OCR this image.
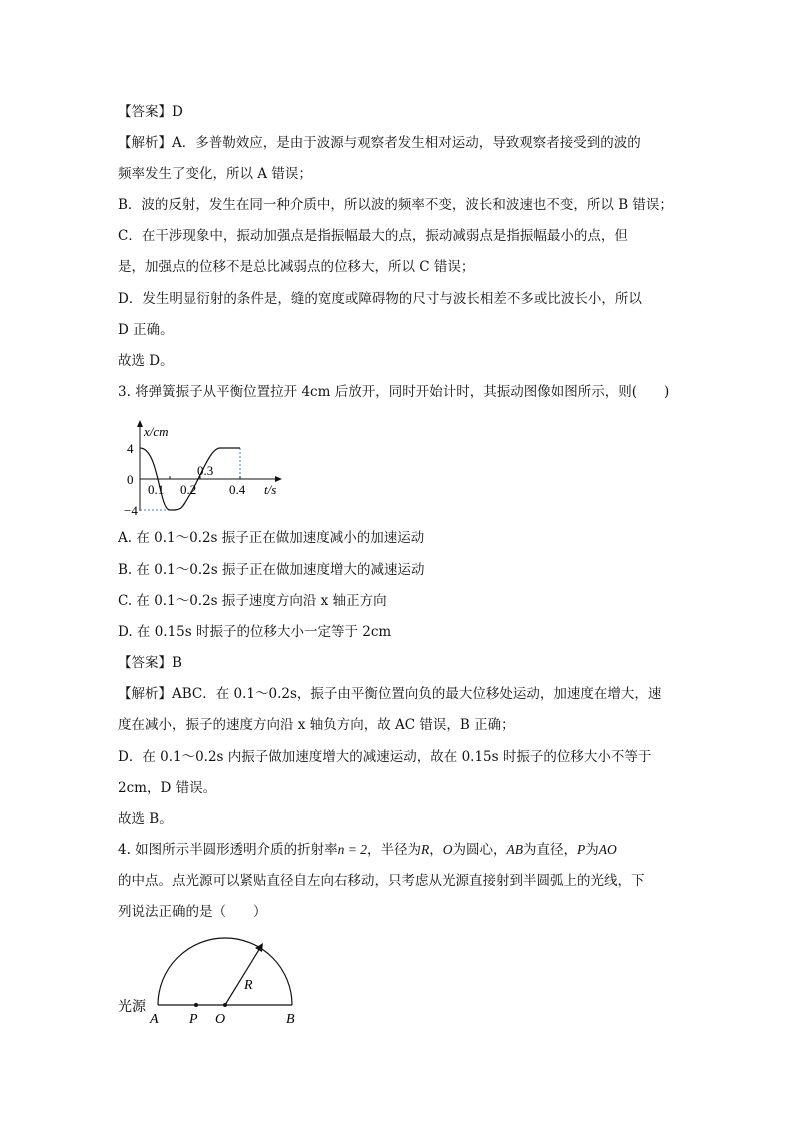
【答案】D
【解析】A．多普勒效应，是由于波源与观察者发生相对运动，导致观察者接受到的波的
频率发生了变化，所以 A 错误；
B．波的反射，发生在同一种介质中，所以波的频率不变，波长和波速也不变，所以 B 错误；
C．在干涉现象中，振动加强点是指振幅最大的点，振动减弱点是指振幅最小的点，但
是，加强点的位移不是总比减弱点的位移大，所以 C 错误；
D．发生明显衍射的条件是，缝的宽度或障碍物的尺寸与波长相差不多或比波长小，所以
D 正确。
故选 D。
3. 将弹簧振子从平衡位置拉开 4cm 后放开，同时开始计时，其振动图像如图所示，则(　　)
x/cm
t/s
4
0
−4
0.1 0.2
0.3
0.4
A. 在 0.1～0.2s 振子正在做加速度减小的加速运动
B. 在 0.1～0.2s 振子正在做加速度增大的减速运动
C. 在 0.1～0.2s 振子速度方向沿 x 轴正方向
D. 在 0.15s 时振子的位移大小一定等于 2cm
【答案】B
【解析】ABC．在 0.1～0.2s，振子由平衡位置向负的最大位移处运动，加速度在增大，速
度在减小，振子的速度方向沿 x 轴负方向，故 AC 错误，B 正确；
D．在 0.1～0.2s 内振子做加速度增大的减速运动，故在 0.15s 时振子的位移大小不等于
2cm，D 错误。
故选 B。
4. 如图所示半圆形透明介质的折射率n = 2，半径为R，O为圆心，AB为直径，P为AO
的中点。点光源可以紧贴直径自左向右移动，只考虑从光源直接射到半圆弧上的光线，下
列说法正确的是（　　）
光源
A P O	B
R
